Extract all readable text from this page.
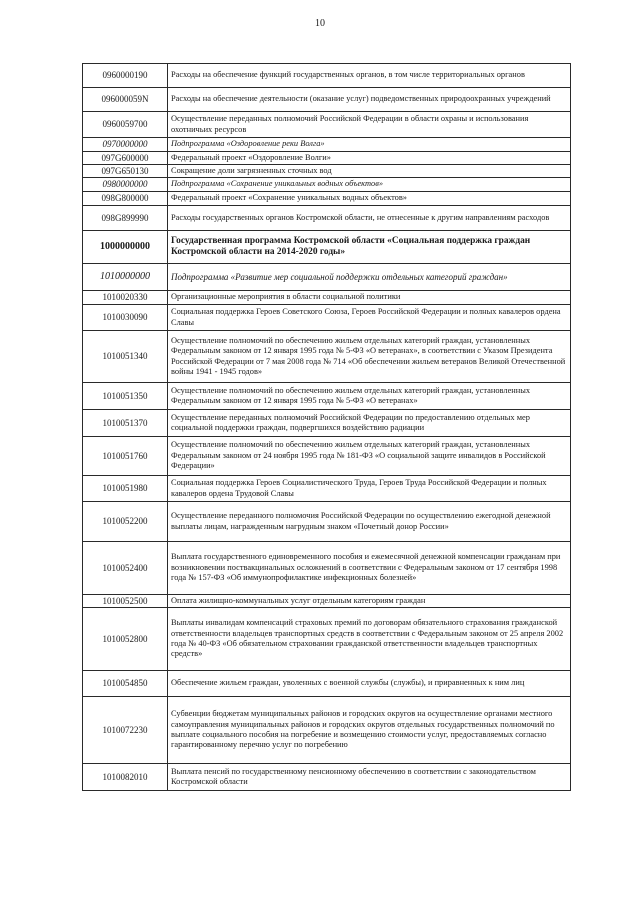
10
0960000190	Расходы на обеспечение функций государственных органов, в том числе территориальных органов
096000059N	Расходы на обеспечение деятельности (оказание услуг) подведомственных природоохранных учреждений
0960059700	Осуществление переданных полномочий Российской Федерации в области охраны и использования охотничьих ресурсов
0970000000	Подпрограмма «Оздоровление реки Волга»
097G600000	Федеральный проект «Оздоровление Волги»
097G650130	Сокращение доли загрязненных сточных вод
0980000000	Подпрограмма «Сохранение уникальных водных объектов»
098G800000	Федеральный проект «Сохранение уникальных водных объектов»
098G899990	Расходы государственных органов Костромской области, не отнесенные к другим направлениям расходов
1000000000	Государственная программа Костромской области «Социальная поддержка граждан Костромской области на 2014-2020 годы»
1010000000	Подпрограмма «Развитие мер социальной поддержки отдельных категорий граждан»
1010020330	Организационные мероприятия в области социальной политики
1010030090	Социальная поддержка Героев Советского Союза, Героев Российской Федерации и полных кавалеров ордена Славы
1010051340	Осуществление полномочий по обеспечению жильем отдельных категорий граждан, установленных Федеральным законом от 12 января 1995 года № 5-ФЗ «О ветеранах», в соответствии с Указом Президента Российской Федерации от 7 мая 2008 года № 714 «Об обеспечении жильем ветеранов Великой Отечественной войны 1941 - 1945 годов»
1010051350	Осуществление полномочий по обеспечению жильем отдельных категорий граждан, установленных Федеральным законом от 12 января 1995 года № 5-ФЗ «О ветеранах»
1010051370	Осуществление переданных полномочий Российской Федерации по предоставлению отдельных мер социальной поддержки граждан, подвергшихся воздействию радиации
1010051760	Осуществление полномочий по обеспечению жильем отдельных категорий граждан, установленных Федеральным законом от 24 ноября 1995 года № 181-ФЗ «О социальной защите инвалидов в Российской Федерации»
1010051980	Социальная поддержка Героев Социалистического Труда, Героев Труда Российской Федерации и полных кавалеров ордена Трудовой Славы
1010052200	Осуществление переданного полномочия Российской Федерации по осуществлению ежегодной денежной выплаты лицам, награжденным нагрудным знаком «Почетный донор России»
1010052400	Выплата государственного единовременного пособия и ежемесячной денежной компенсации гражданам при возникновении поствакцинальных осложнений в соответствии с Федеральным законом от 17 сентября 1998 года № 157-ФЗ «Об иммунопрофилактике инфекционных болезней»
1010052500	Оплата жилищно-коммунальных услуг отдельным категориям граждан
1010052800	Выплаты инвалидам компенсаций страховых премий по договорам обязательного страхования гражданской ответственности владельцев транспортных средств в соответствии с Федеральным законом от 25 апреля 2002 года № 40-ФЗ «Об обязательном страховании гражданской ответственности владельцев транспортных средств»
1010054850	Обеспечение жильем граждан, уволенных с военной службы (службы), и приравненных к ним лиц
1010072230	Субвенции бюджетам муниципальных районов и городских округов на осуществление органами местного самоуправления муниципальных районов и городских округов отдельных государственных полномочий по выплате социального пособия на погребение и возмещению стоимости услуг, предоставляемых согласно гарантированному перечню услуг по погребению
1010082010	Выплата пенсий по государственному пенсионному обеспечению в соответствии с законодательством Костромской области
